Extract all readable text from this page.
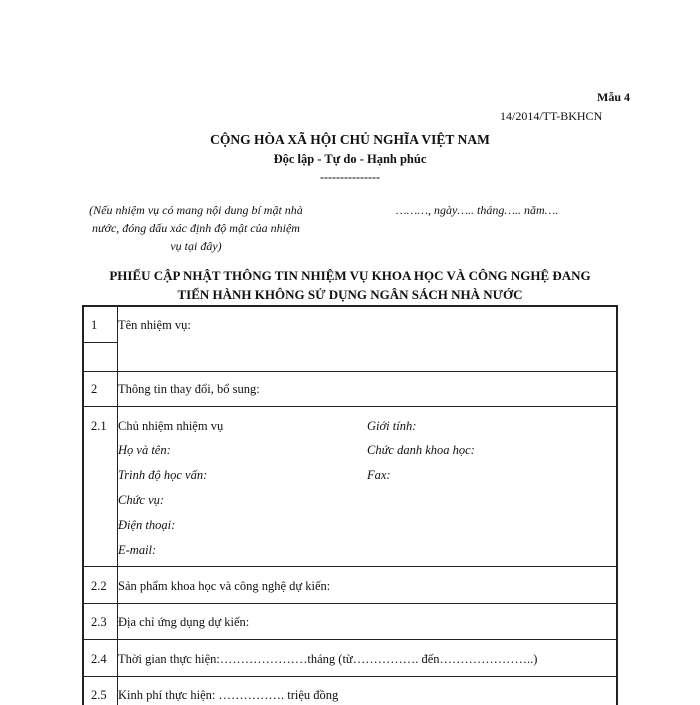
Mẫu 4
14/2014/TT-BKHCN
CỘNG HÒA XÃ HỘI CHỦ NGHĨA VIỆT NAM
Độc lập - Tự do - Hạnh phúc
---------------
(Nếu nhiệm vụ có mang nội dung bí mật nhà nước, đóng dấu xác định độ mật của nhiệm vụ tại đây)
………, ngày….. tháng….. năm….
PHIẾU CẬP NHẬT THÔNG TIN NHIỆM VỤ KHOA HỌC VÀ CÔNG NGHỆ ĐANG
TIẾN HÀNH KHÔNG SỬ DỤNG NGÂN SÁCH NHÀ NƯỚC
1 Tên nhiệm vụ:
2 Thông tin thay đổi, bổ sung:
2.1 Chủ nhiệm nhiệm vụ	Giới tính:
Họ và tên:	Chức danh khoa học:
Trình độ học vấn:	Fax:
Chức vụ:
Điện thoại:
E-mail:
2.2 Sản phẩm khoa học và công nghệ dự kiến:
2.3 Địa chỉ ứng dụng dự kiến:
2.4 Thời gian thực hiện:…………………tháng (từ……………. đến…………………..)
2.5 Kinh phí thực hiện: ……………. triệu đồng
